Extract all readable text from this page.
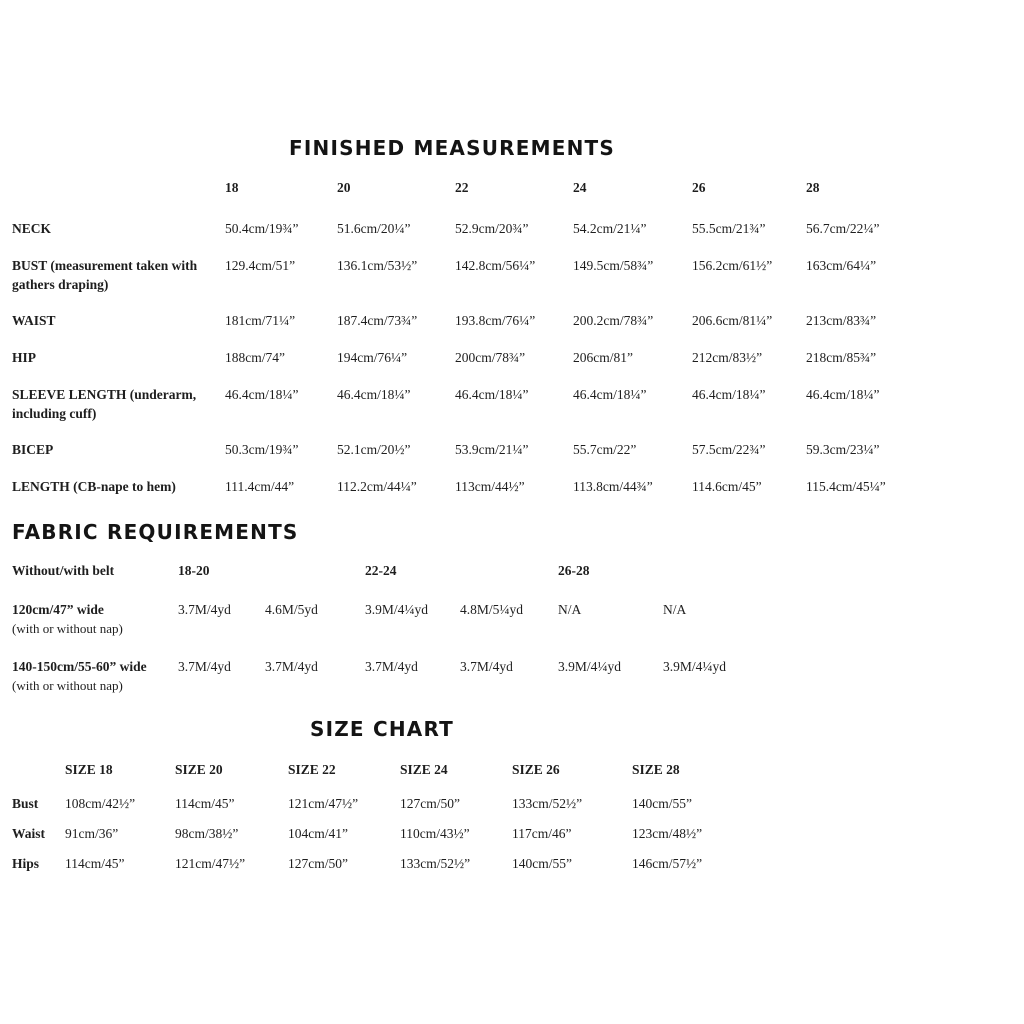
FINISHED MEASUREMENTS
18	20	22	24	26	28
NECK	50.4cm/19¾”	51.6cm/20¼”	52.9cm/20¾”	54.2cm/21¼”	55.5cm/21¾”	56.7cm/22¼”
BUST (measurement taken with gathers draping)
129.4cm/51”	136.1cm/53½”	142.8cm/56¼”	149.5cm/58¾”	156.2cm/61½”	163cm/64¼”
WAIST	181cm/71¼”	187.4cm/73¾”	193.8cm/76¼”	200.2cm/78¾”	206.6cm/81¼”	213cm/83¾”
HIP	188cm/74”	194cm/76¼”	200cm/78¾”	206cm/81”	212cm/83½”	218cm/85¾”
SLEEVE LENGTH (underarm, including cuff)
46.4cm/18¼”	46.4cm/18¼”	46.4cm/18¼”	46.4cm/18¼”	46.4cm/18¼”	46.4cm/18¼”
BICEP	50.3cm/19¾”	52.1cm/20½”	53.9cm/21¼”	55.7cm/22”	57.5cm/22¾”	59.3cm/23¼”
LENGTH (CB-nape to hem)	111.4cm/44”	112.2cm/44¼”	113cm/44½”	113.8cm/44¾”	114.6cm/45”	115.4cm/45¼”
FABRIC REQUIREMENTS
Without/with belt	18-20	22-24	26-28
120cm/47” wide
(with or without nap)
3.7M/4yd	4.6M/5yd	3.9M/4¼yd	4.8M/5¼yd	N/A	N/A
140-150cm/55-60” wide
(with or without nap)
3.7M/4yd	3.7M/4yd	3.7M/4yd	3.7M/4yd	3.9M/4¼yd	3.9M/4¼yd
SIZE CHART
SIZE 18	SIZE 20	SIZE 22	SIZE 24	SIZE 26	SIZE 28
Bust	108cm/42½”	114cm/45”	121cm/47½”	127cm/50”	133cm/52½”	140cm/55”
Waist	91cm/36”	98cm/38½”	104cm/41”	110cm/43½”	117cm/46”	123cm/48½”
Hips	114cm/45”	121cm/47½”	127cm/50”	133cm/52½”	140cm/55”	146cm/57½”
